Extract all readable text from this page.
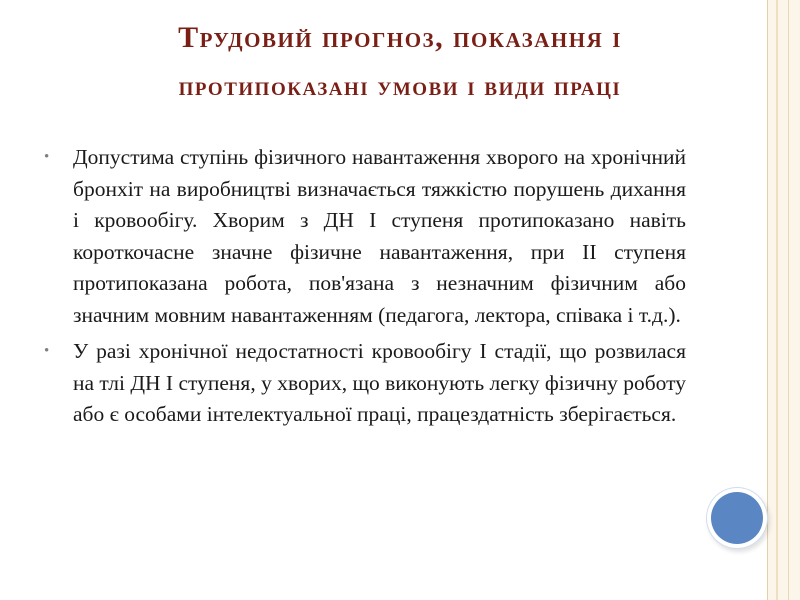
Трудовий прогноз, показання і
протипоказані умови і види праці

•	Допустима ступінь фізичного навантаження хворого на хронічний бронхіт на виробництві визначається тяжкістю порушень дихання і кровообігу. Хворим з ДН І ступеня протипоказано навіть короткочасне значне фізичне навантаження, при ІІ ступеня протипоказана робота, пов'язана з незначним фізичним або значним мовним навантаженням (педагога, лектора, співака і т.д.).

•	У разі хронічної недостатності кровообігу I стадії, що розвилася на тлі ДН I ступеня, у хворих, що виконують легку фізичну роботу або є особами інтелектуальної праці, працездатність зберігається.
